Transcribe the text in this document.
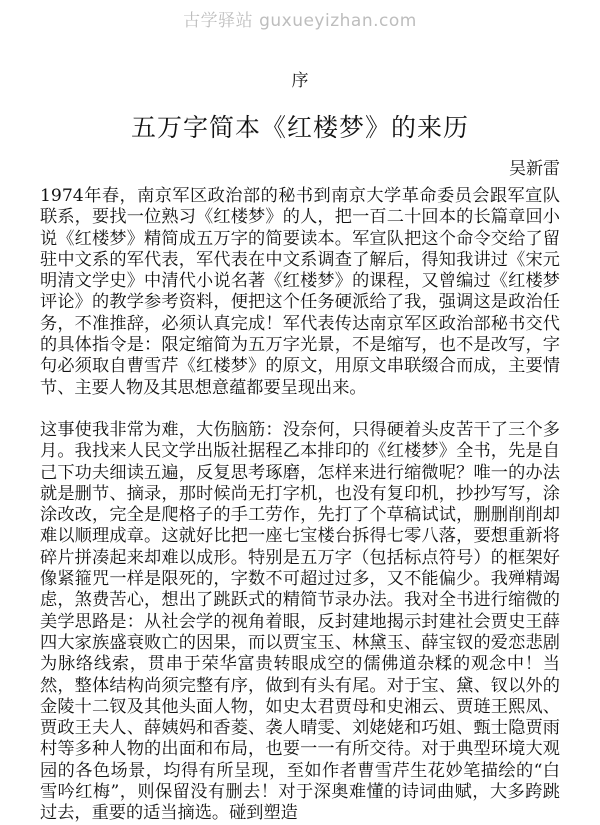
古学驿站 guxueyizhan.com
序
五万字简本《红楼梦》的来历
吴新雷

1974年春，南京军区政治部的秘书到南京大学革命委员会跟军宣队联系，要找一位熟习《红楼梦》的人，把一百二十回本的长篇章回小说《红楼梦》精简成五万字的简要读本。军宣队把这个命令交给了留驻中文系的军代表，军代表在中文系调查了解后，得知我讲过《宋元明清文学史》中清代小说名著《红楼梦》的课程，又曾编过《红楼梦评论》的教学参考资料，便把这个任务硬派给了我，强调这是政治任务，不准推辞，必须认真完成！军代表传达南京军区政治部秘书交代的具体指令是：限定缩简为五万字光景，不是缩写，也不是改写，字句必须取自曹雪芹《红楼梦》的原文，用原文串联缀合而成，主要情节、主要人物及其思想意蕴都要呈现出来。

这事使我非常为难，大伤脑筋：没奈何，只得硬着头皮苦干了三个多月。我找来人民文学出版社据程乙本排印的《红楼梦》全书，先是自己下功夫细读五遍，反复思考琢磨，怎样来进行缩微呢？唯一的办法就是删节、摘录，那时候尚无打字机，也没有复印机，抄抄写写，涂涂改改，完全是爬格子的手工劳作，先打了个草稿试试，删删削削却难以顺理成章。这就好比把一座七宝楼台拆得七零八落，要想重新将碎片拼凑起来却难以成形。特别是五万字（包括标点符号）的框架好像紧箍咒一样是限死的，字数不可超过过多，又不能偏少。我殚精竭虑，煞费苦心，想出了跳跃式的精简节录办法。我对全书进行缩微的美学思路是：从社会学的视角着眼，反封建地揭示封建社会贾史王薛四大家族盛衰败亡的因果，而以贾宝玉、林黛玉、薛宝钗的爱恋悲剧为脉络线索，贯串于荣华富贵转眼成空的儒佛道杂糅的观念中！当然，整体结构尚须完整有序，做到有头有尾。对于宝、黛、钗以外的金陵十二钗及其他头面人物，如史太君贾母和史湘云、贾琏王熙凤、贾政王夫人、薛姨妈和香菱、袭人晴雯、刘姥姥和巧姐、甄士隐贾雨村等多种人物的出面和布局，也要一一有所交待。对于典型环境大观园的各色场景，均得有所呈现，至如作者曹雪芹生花妙笔描绘的“白雪吟红梅”，则保留没有删去！对于深奥难懂的诗词曲赋，大多跨跳过去，重要的适当摘选。碰到塑造
